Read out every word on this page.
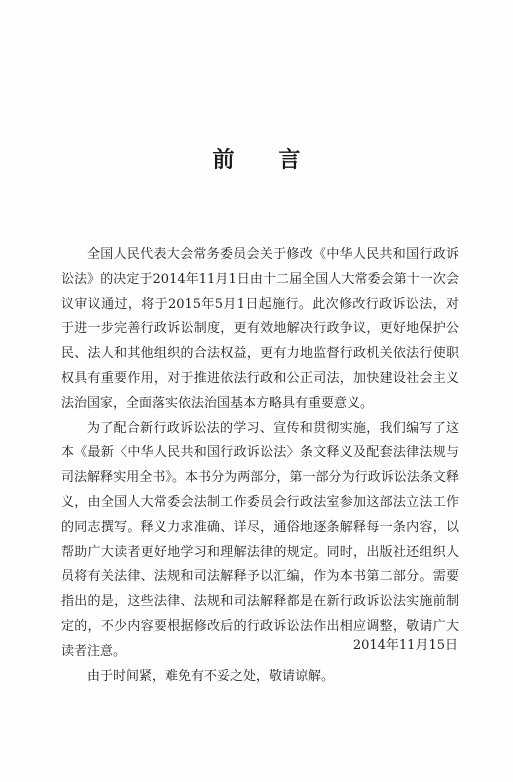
前言

全国人民代表大会常务委员会关于修改《中华人民共和国行政诉讼法》的决定于2014年11月1日由十二届全国人大常委会第十一次会议审议通过，将于2015年5月1日起施行。此次修改行政诉讼法，对于进一步完善行政诉讼制度，更有效地解决行政争议，更好地保护公民、法人和其他组织的合法权益，更有力地监督行政机关依法行使职权具有重要作用，对于推进依法行政和公正司法，加快建设社会主义法治国家，全面落实依法治国基本方略具有重要意义。

为了配合新行政诉讼法的学习、宣传和贯彻实施，我们编写了这本《最新〈中华人民共和国行政诉讼法〉条文释义及配套法律法规与司法解释实用全书》。本书分为两部分，第一部分为行政诉讼法条文释义，由全国人大常委会法制工作委员会行政法室参加这部法立法工作的同志撰写。释义力求准确、详尽，通俗地逐条解释每一条内容，以帮助广大读者更好地学习和理解法律的规定。同时，出版社还组织人员将有关法律、法规和司法解释予以汇编，作为本书第二部分。需要指出的是，这些法律、法规和司法解释都是在新行政诉讼法实施前制定的，不少内容要根据修改后的行政诉讼法作出相应调整，敬请广大读者注意。

由于时间紧，难免有不妥之处，敬请谅解。

2014年11月15日
